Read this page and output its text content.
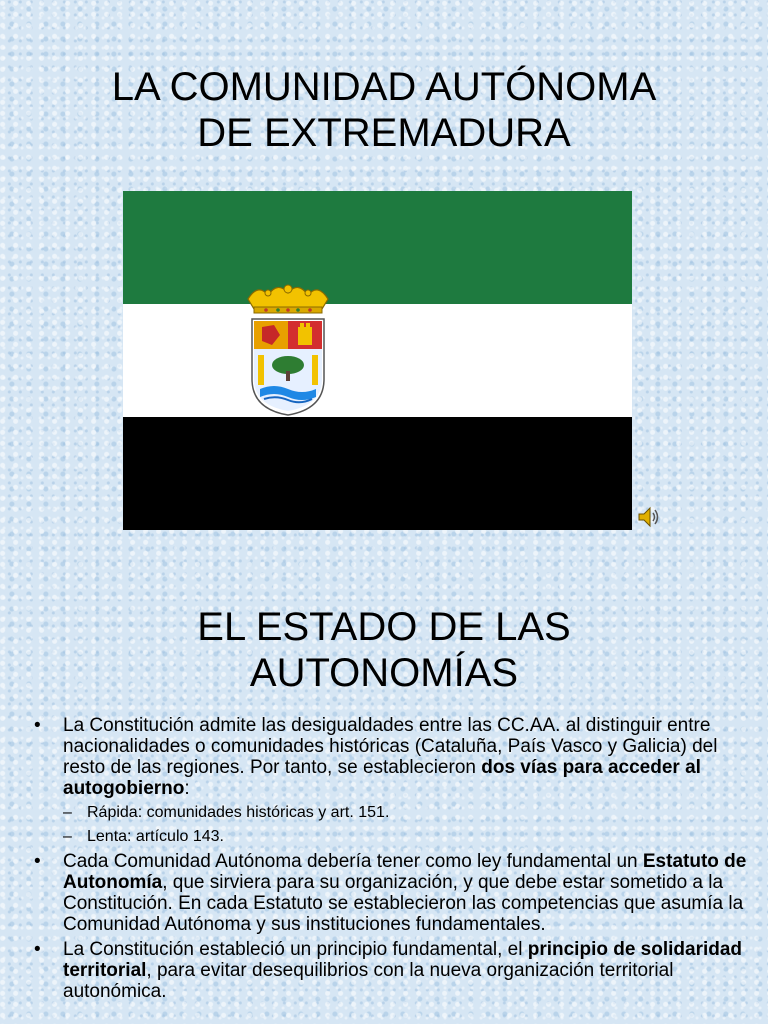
LA COMUNIDAD AUTÓNOMA
DE EXTREMADURA
EL ESTADO DE LAS
AUTONOMÍAS
• La Constitución admite las desigualdades entre las CC.AA. al distinguir entre nacionalidades o comunidades históricas (Cataluña, País Vasco y Galicia) del resto de las regiones. Por tanto, se establecieron dos vías para acceder al autogobierno:
– Rápida: comunidades históricas y art. 151.
– Lenta: artículo 143.
• Cada Comunidad Autónoma debería tener como ley fundamental un Estatuto de Autonomía, que sirviera para su organización, y que debe estar sometido a la Constitución. En cada Estatuto se establecieron las competencias que asumía la Comunidad Autónoma y sus instituciones fundamentales.
• La Constitución estableció un principio fundamental, el principio de solidaridad territorial, para evitar desequilibrios con la nueva organización territorial autonómica.
